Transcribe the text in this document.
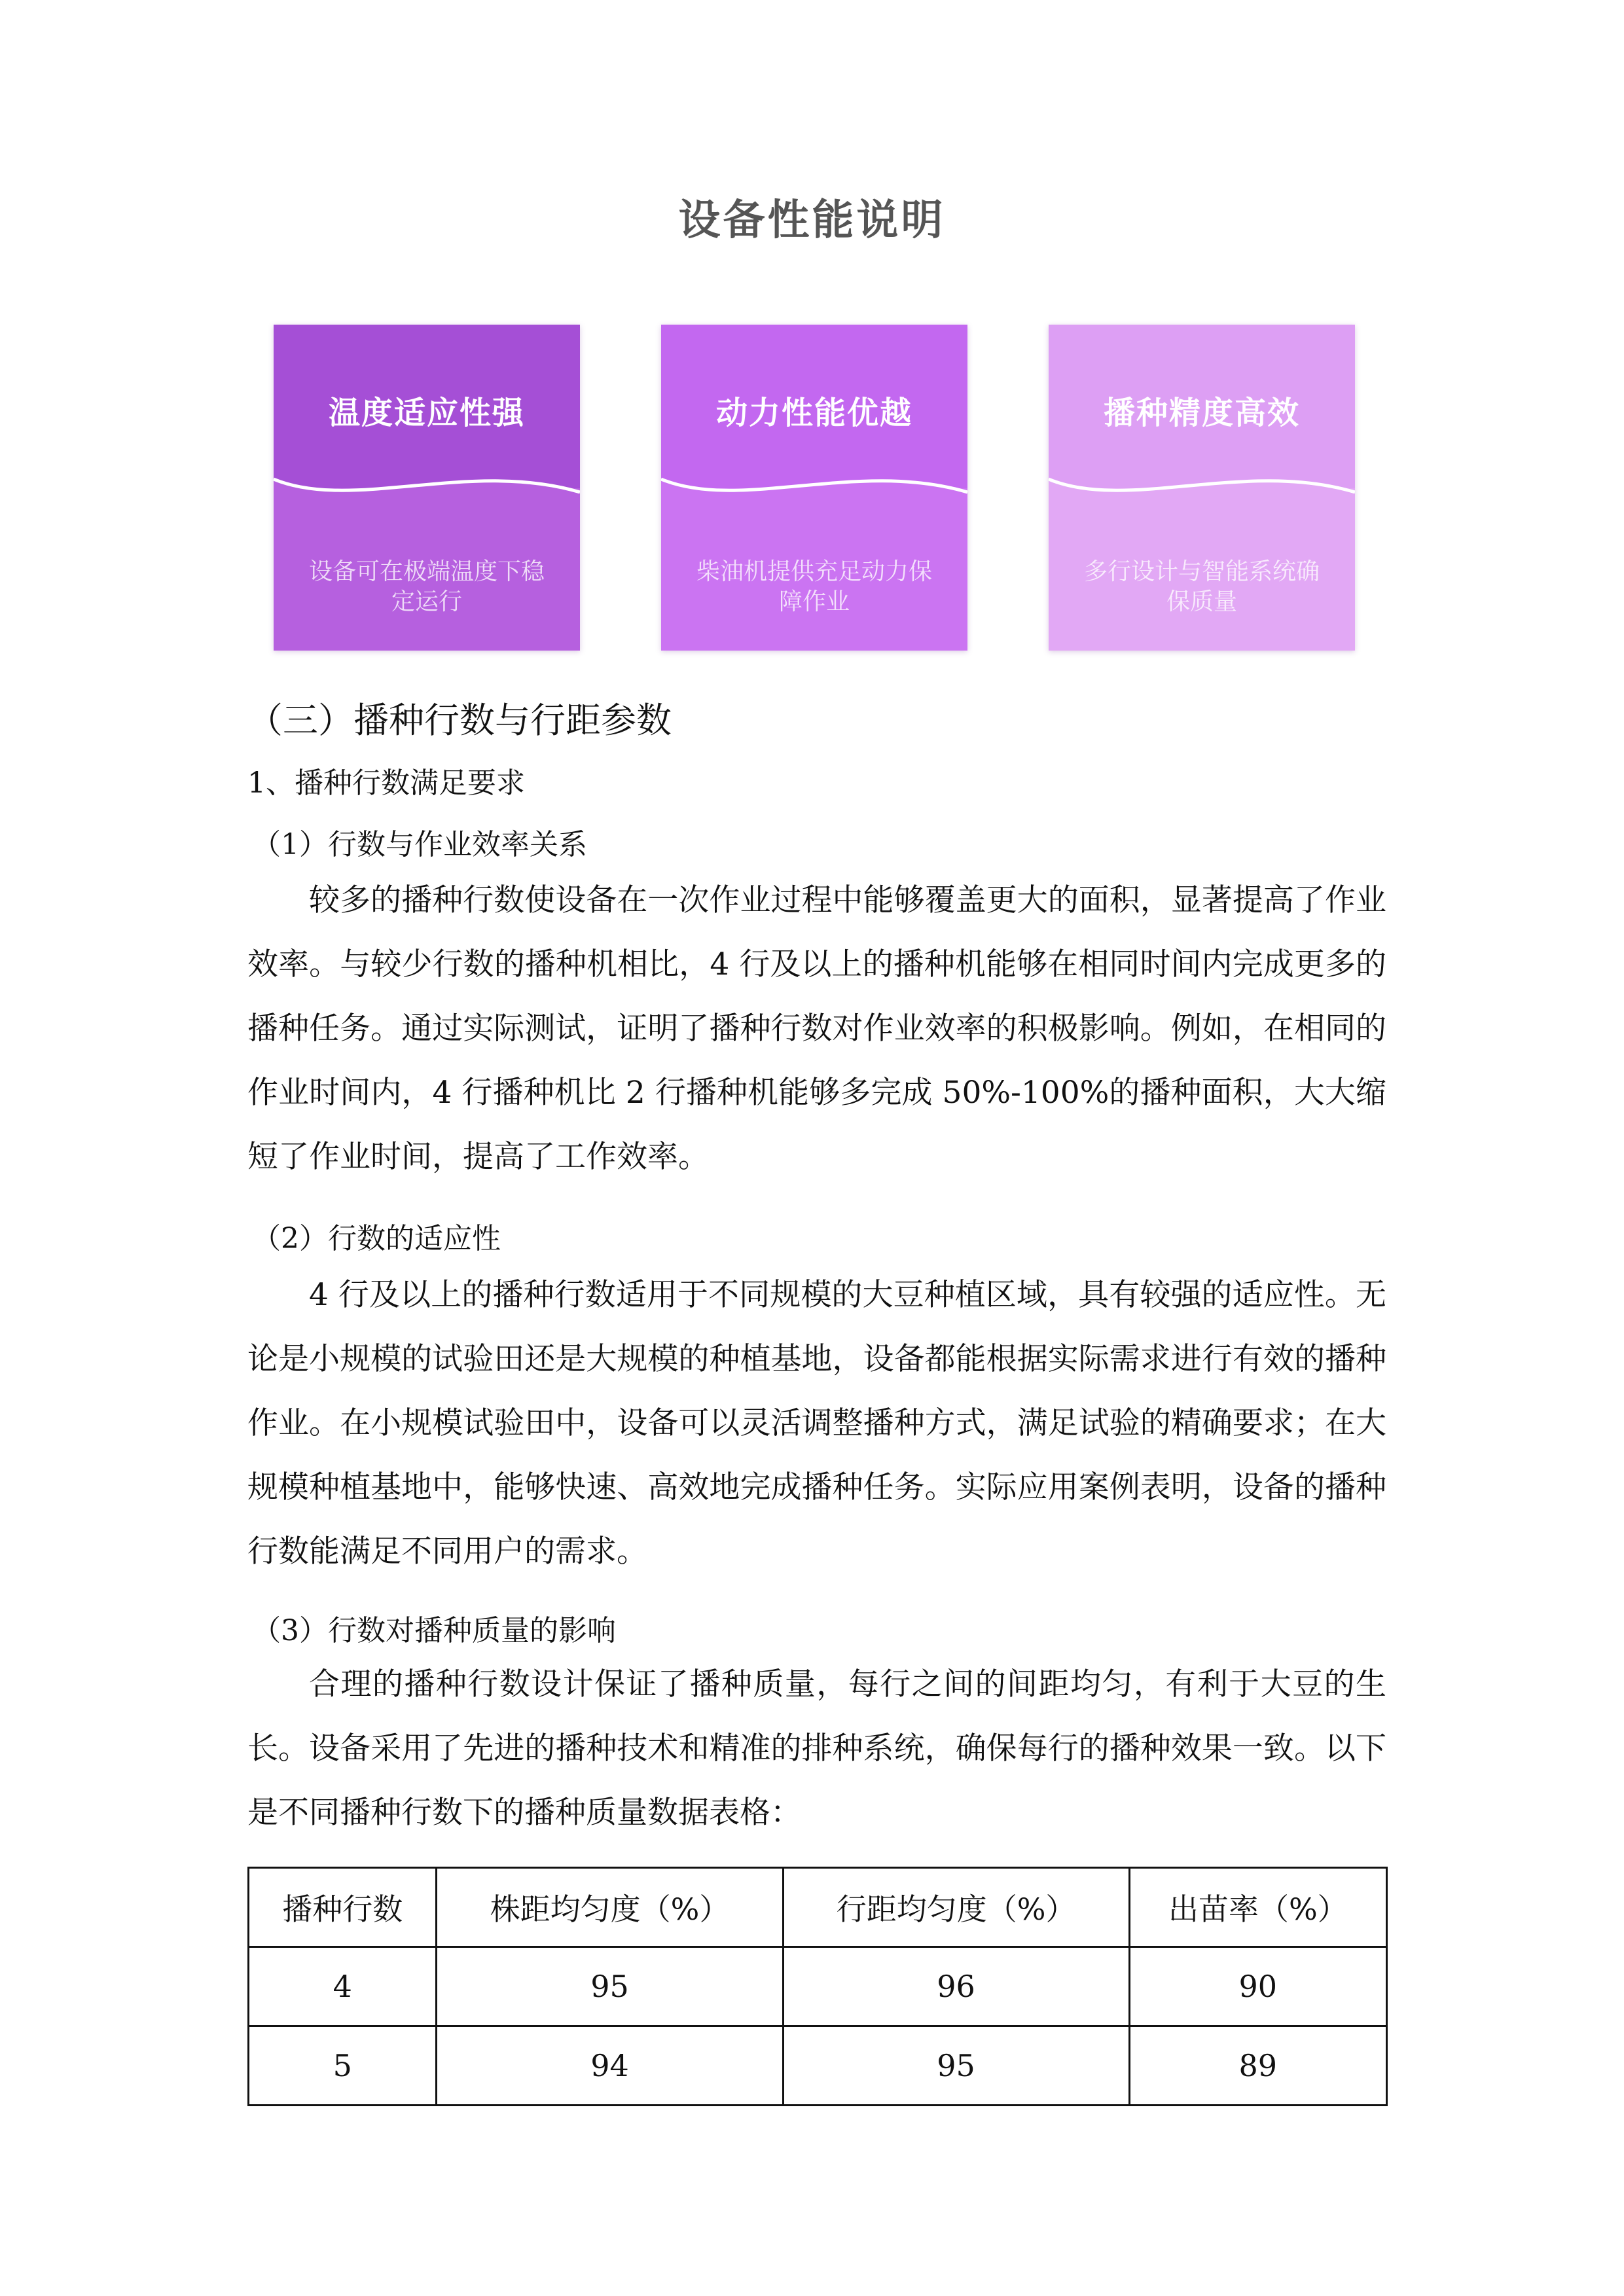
设备性能说明
温度适应性强
设备可在极端温度下稳定运行
动力性能优越
柴油机提供充足动力保障作业
播种精度高效
多行设计与智能系统确保质量
（三）播种行数与行距参数
1、播种行数满足要求
（1）行数与作业效率关系
较多的播种行数使设备在一次作业过程中能够覆盖更大的面积，显著提高了作业效率。与较少行数的播种机相比，4 行及以上的播种机能够在相同时间内完成更多的播种任务。通过实际测试，证明了播种行数对作业效率的积极影响。例如，在相同的作业时间内，4 行播种机比 2 行播种机能够多完成 50%-100%的播种面积，大大缩短了作业时间，提高了工作效率。
（2）行数的适应性
4 行及以上的播种行数适用于不同规模的大豆种植区域，具有较强的适应性。无论是小规模的试验田还是大规模的种植基地，设备都能根据实际需求进行有效的播种作业。在小规模试验田中，设备可以灵活调整播种方式，满足试验的精确要求；在大规模种植基地中，能够快速、高效地完成播种任务。实际应用案例表明，设备的播种行数能满足不同用户的需求。
（3）行数对播种质量的影响
合理的播种行数设计保证了播种质量，每行之间的间距均匀，有利于大豆的生长。设备采用了先进的播种技术和精准的排种系统，确保每行的播种效果一致。以下是不同播种行数下的播种质量数据表格：
播种行数	株距均匀度（%）	行距均匀度（%）	出苗率（%）
4	95	96	90
5	94	95	89
